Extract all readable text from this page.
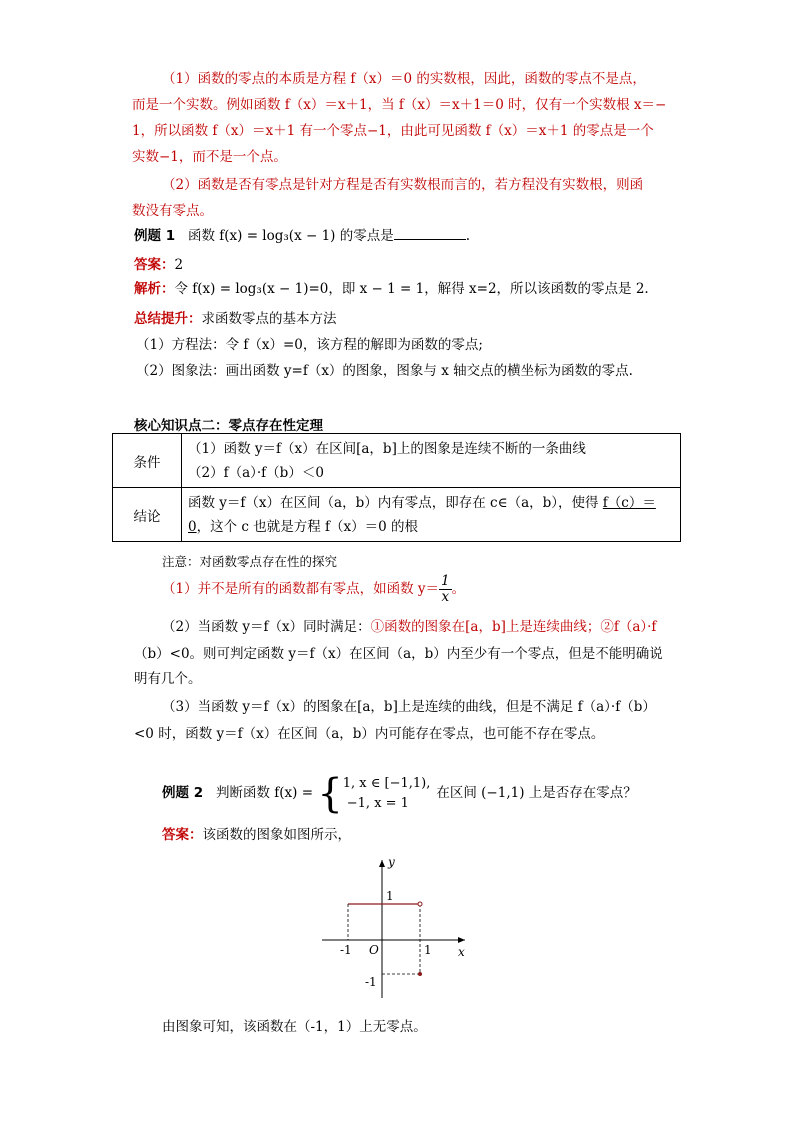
（1）函数的零点的本质是方程 f（x）＝0 的实数根，因此，函数的零点不是点，
而是一个实数。例如函数 f（x）＝x＋1，当 f（x）＝x＋1＝0 时，仅有一个实数根 x＝−
1，所以函数 f（x）＝x＋1 有一个零点−1，由此可见函数 f（x）＝x＋1 的零点是一个
实数−1，而不是一个点。
（2）函数是否有零点是针对方程是否有实数根而言的，若方程没有实数根，则函
数没有零点。
例题 1 函数 f(x) = log₃(x − 1) 的零点是	.
答案：2
解析：令 f(x) = log₃(x − 1)=0，即 x − 1 = 1，解得 x=2，所以该函数的零点是 2.
总结提升：求函数零点的基本方法
（1）方程法：令 f（x）=0，该方程的解即为函数的零点;
（2）图象法：画出函数 y=f（x）的图象，图象与 x 轴交点的横坐标为函数的零点.
核心知识点二：零点存在性定理
条件	（1）函数 y＝f（x）在区间[a，b]上的图象是连续不断的一条曲线
（2）f（a）·f（b）＜0

结论	函数 y＝f（x）在区间（a，b）内有零点，即存在 c∈（a，b），使得 f（c）＝
0，这个 c 也就是方程 f（x）＝0 的根
注意：对函数零点存在性的探究
（1）并不是所有的函数都有零点，如函数 $y= \frac{1}{x}$ 。
（2）当函数 y＝f（x）同时满足：①函数的图象在[a，b]上是连续曲线；②f（a）·f
（b）<0。则可判定函数 y＝f（x）在区间（a，b）内至少有一个零点，但是不能明确说
明有几个。
（3）当函数 y＝f（x）的图象在[a，b]上是连续的曲线，但是不满足 f（a）·f（b）
<0 时，函数 y＝f（x）在区间（a，b）内可能存在零点，也可能不存在零点。
例题 2 判断函数 f(x) = { 1, x ∈ [−1,1),
−1, x = 1
在区间 (−1,1) 上是否存在零点？
答案：该函数的图象如图所示，
y
x
O
1
-1
-1	1
由图象可知，该函数在（-1，1）上无零点。
